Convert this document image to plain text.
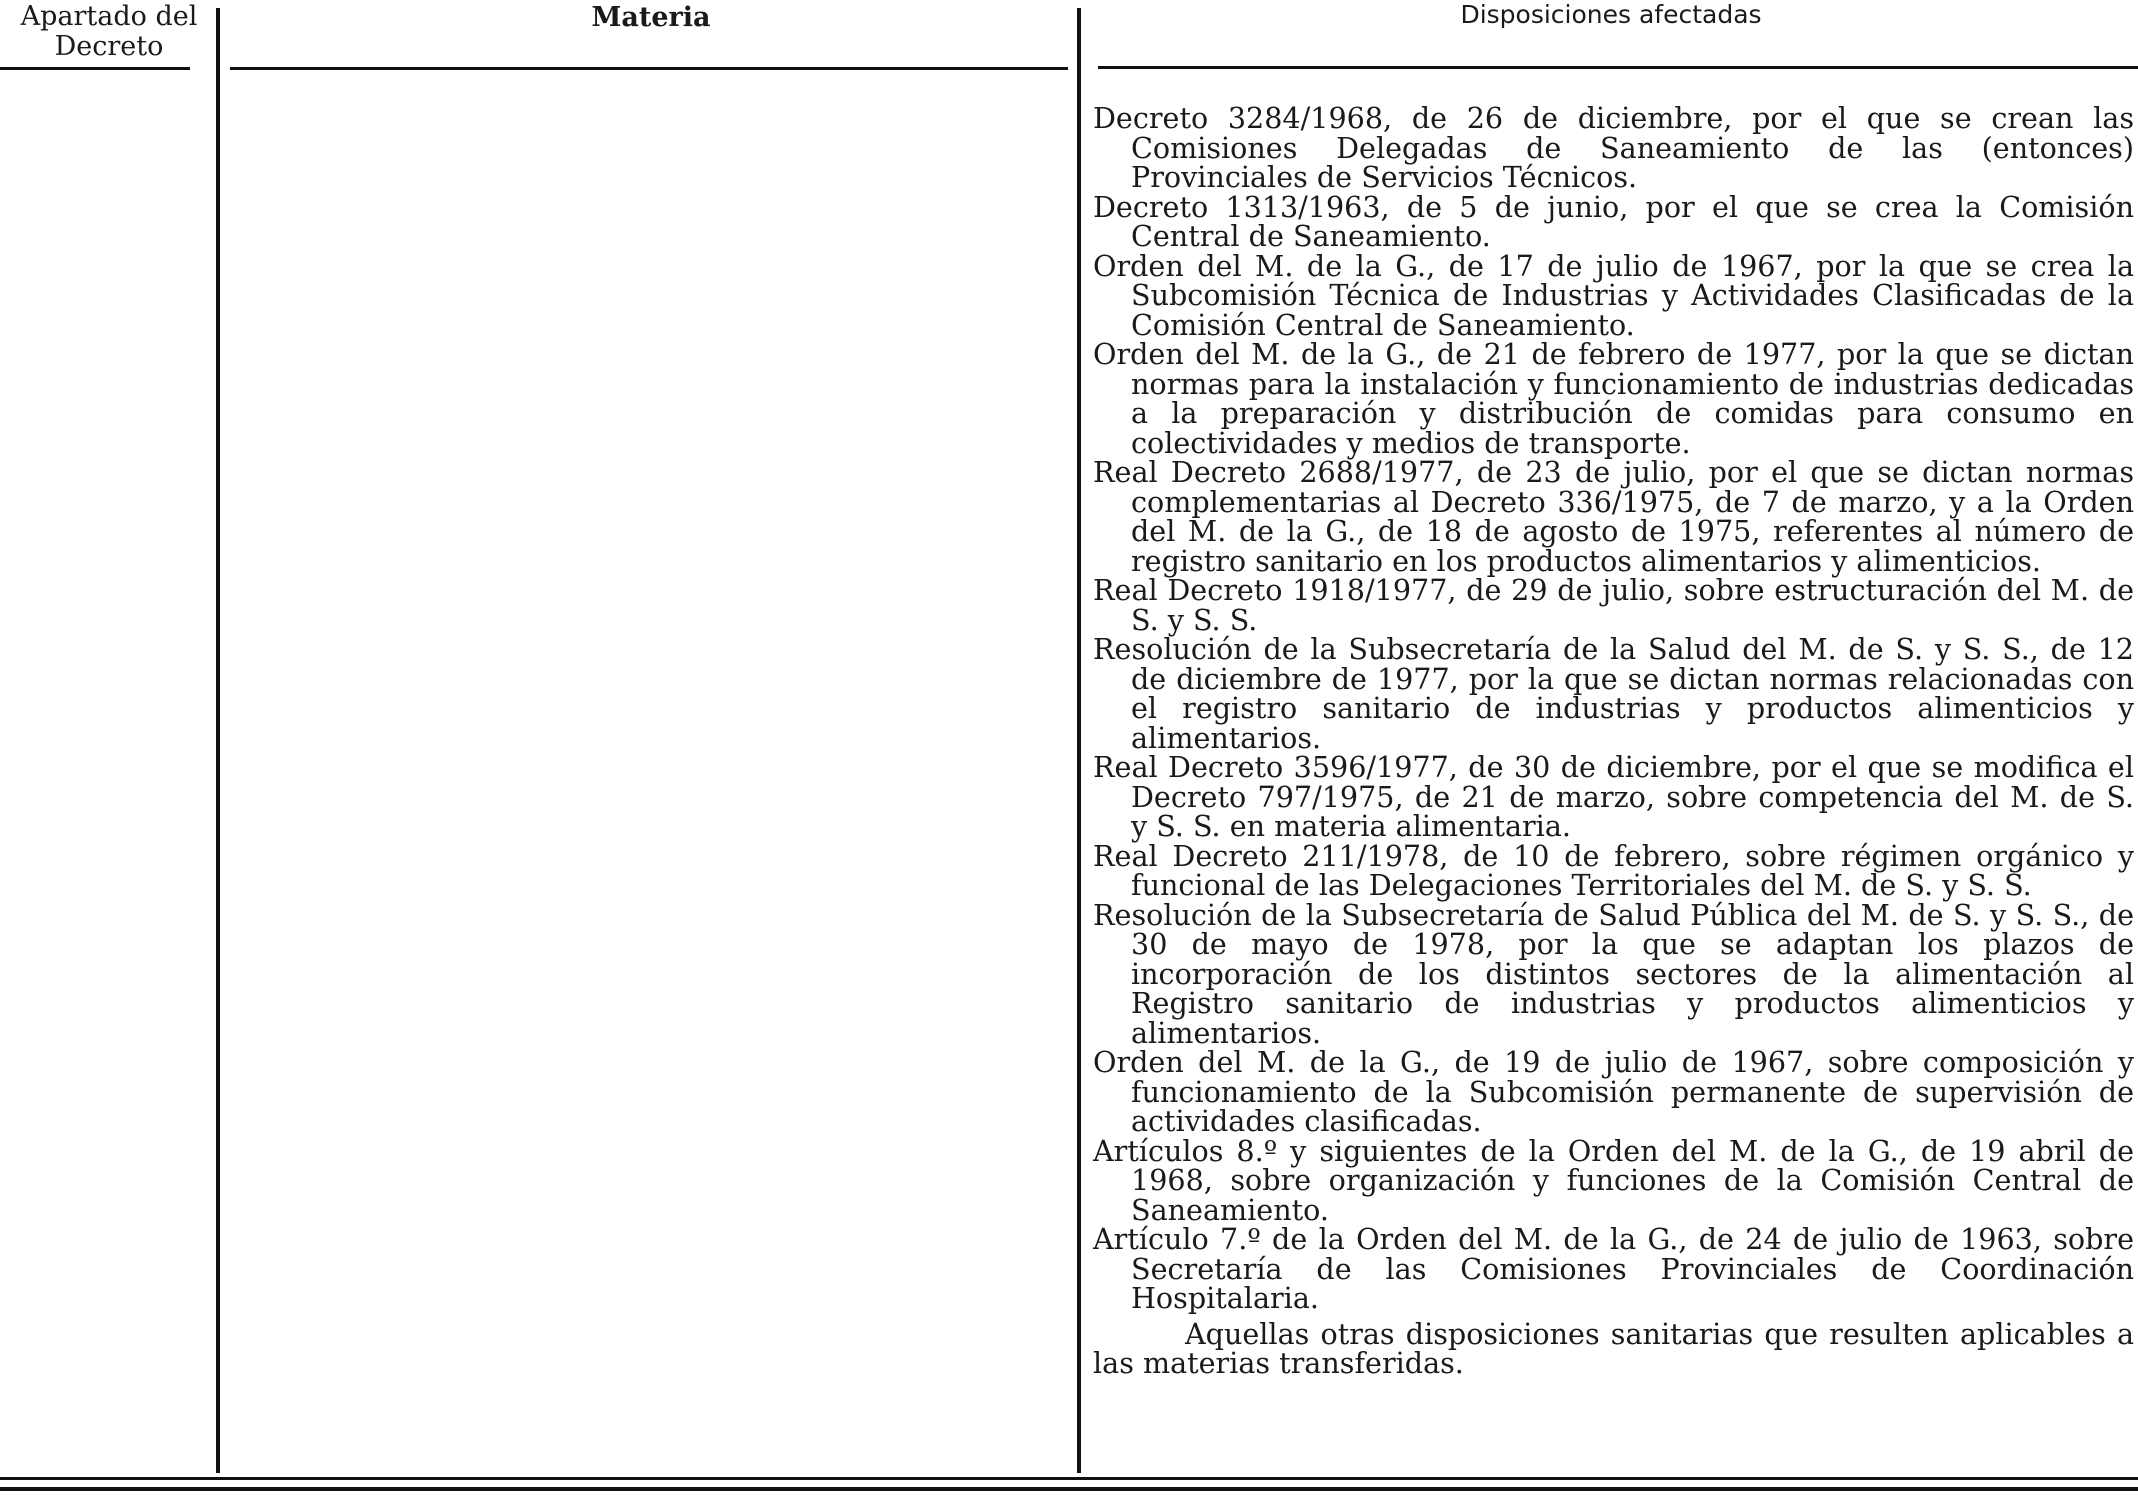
Apartado del Decreto
Materia	Disposiciones afectadas
Decreto 3284/1968, de 26 de diciembre, por el que se crean las Comisiones Delegadas de Saneamiento de las (entonces) Provinciales de Servicios Técnicos.
Decreto 1313/1963, de 5 de junio, por el que se crea la Comisión Central de Saneamiento.
Orden del M. de la G., de 17 de julio de 1967, por la que se crea la Subcomisión Técnica de Industrias y Actividades Clasificadas de la Comisión Central de Saneamiento.
Orden del M. de la G., de 21 de febrero de 1977, por la que se dictan normas para la instalación y funcionamiento de industrias dedicadas a la preparación y distribución de comidas para consumo en colectividades y medios de transporte.
Real Decreto 2688/1977, de 23 de julio, por el que se dictan normas complementarias al Decreto 336/1975, de 7 de marzo, y a la Orden del M. de la G., de 18 de agosto de 1975, referentes al número de registro sanitario en los productos alimentarios y alimenticios.
Real Decreto 1918/1977, de 29 de julio, sobre estructuración del M. de S. y S. S.
Resolución de la Subsecretaría de la Salud del M. de S. y S. S., de 12 de diciembre de 1977, por la que se dictan normas relacionadas con el registro sanitario de industrias y productos alimenticios y alimentarios.
Real Decreto 3596/1977, de 30 de diciembre, por el que se modifica el Decreto 797/1975, de 21 de marzo, sobre competencia del M. de S. y S. S. en materia alimentaria.
Real Decreto 211/1978, de 10 de febrero, sobre régimen orgánico y funcional de las Delegaciones Territoriales del M. de S. y S. S.
Resolución de la Subsecretaría de Salud Pública del M. de S. y S. S., de 30 de mayo de 1978, por la que se adaptan los plazos de incorporación de los distintos sectores de la alimentación al Registro sanitario de industrias y productos alimenticios y alimentarios.
Orden del M. de la G., de 19 de julio de 1967, sobre composición y funcionamiento de la Subcomisión permanente de supervisión de actividades clasificadas.
Artículos 8.º y siguientes de la Orden del M. de la G., de 19 abril de 1968, sobre organización y funciones de la Comisión Central de Saneamiento.
Artículo 7.º de la Orden del M. de la G., de 24 de julio de 1963, sobre Secretaría de las Comisiones Provinciales de Coordinación Hospitalaria.
Aquellas otras disposiciones sanitarias que resulten aplicables a las materias transferidas.
